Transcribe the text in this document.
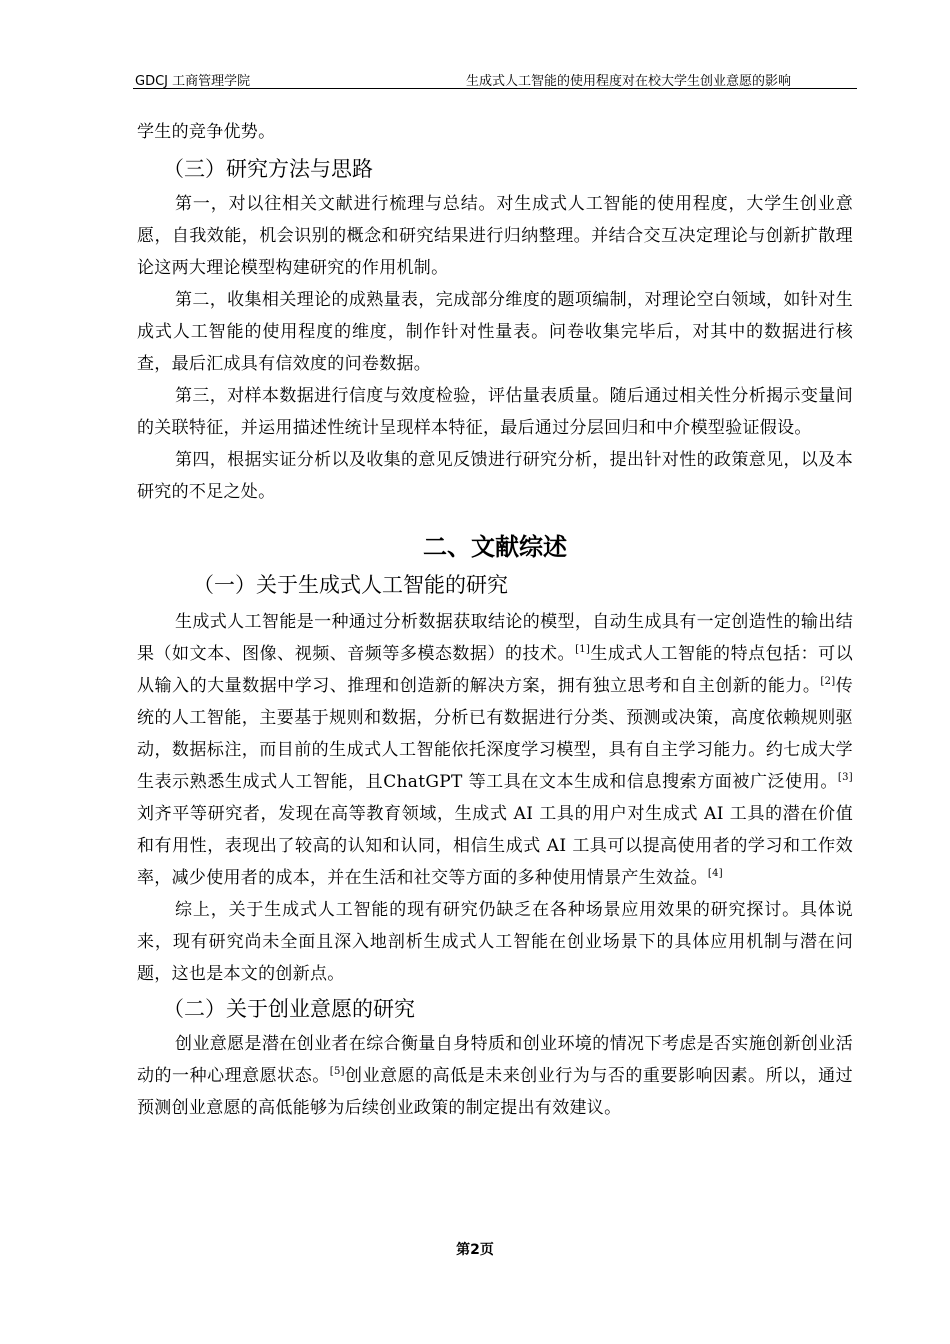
GDCJ 工商管理学院	生成式人工智能的使用程度对在校大学生创业意愿的影响

学生的竞争优势。

（三）研究方法与思路

第一，对以往相关文献进行梳理与总结。对生成式人工智能的使用程度，大学生创业意愿，自我效能，机会识别的概念和研究结果进行归纳整理。并结合交互决定理论与创新扩散理论这两大理论模型构建研究的作用机制。

第二，收集相关理论的成熟量表，完成部分维度的题项编制，对理论空白领域，如针对生成式人工智能的使用程度的维度，制作针对性量表。问卷收集完毕后，对其中的数据进行核查，最后汇成具有信效度的问卷数据。

第三，对样本数据进行信度与效度检验，评估量表质量。随后通过相关性分析揭示变量间的关联特征，并运用描述性统计呈现样本特征，最后通过分层回归和中介模型验证假设。

第四，根据实证分析以及收集的意见反馈进行研究分析，提出针对性的政策意见，以及本研究的不足之处。

二、文献综述
（一）关于生成式人工智能的研究

生成式人工智能是一种通过分析数据获取结论的模型，自动生成具有一定创造性的输出结果（如文本、图像、视频、音频等多模态数据）的技术。[1]生成式人工智能的特点包括：可以从输入的大量数据中学习、推理和创造新的解决方案，拥有独立思考和自主创新的能力。[2]传统的人工智能，主要基于规则和数据，分析已有数据进行分类、预测或决策，高度依赖规则驱动，数据标注，而目前的生成式人工智能依托深度学习模型，具有自主学习能力。约七成大学生表示熟悉生成式人工智能，且ChatGPT 等工具在文本生成和信息搜索方面被广泛使用。[3]刘齐平等研究者，发现在高等教育领域，生成式 AI 工具的用户对生成式 AI 工具的潜在价值和有用性，表现出了较高的认知和认同，相信生成式 AI 工具可以提高使用者的学习和工作效率，减少使用者的成本，并在生活和社交等方面的多种使用情景产生效益。[4]

综上，关于生成式人工智能的现有研究仍缺乏在各种场景应用效果的研究探讨。具体说来，现有研究尚未全面且深入地剖析生成式人工智能在创业场景下的具体应用机制与潜在问题，这也是本文的创新点。

（二）关于创业意愿的研究

创业意愿是潜在创业者在综合衡量自身特质和创业环境的情况下考虑是否实施创新创业活动的一种心理意愿状态。[5]创业意愿的高低是未来创业行为与否的重要影响因素。所以，通过预测创业意愿的高低能够为后续创业政策的制定提出有效建议。

第2页
